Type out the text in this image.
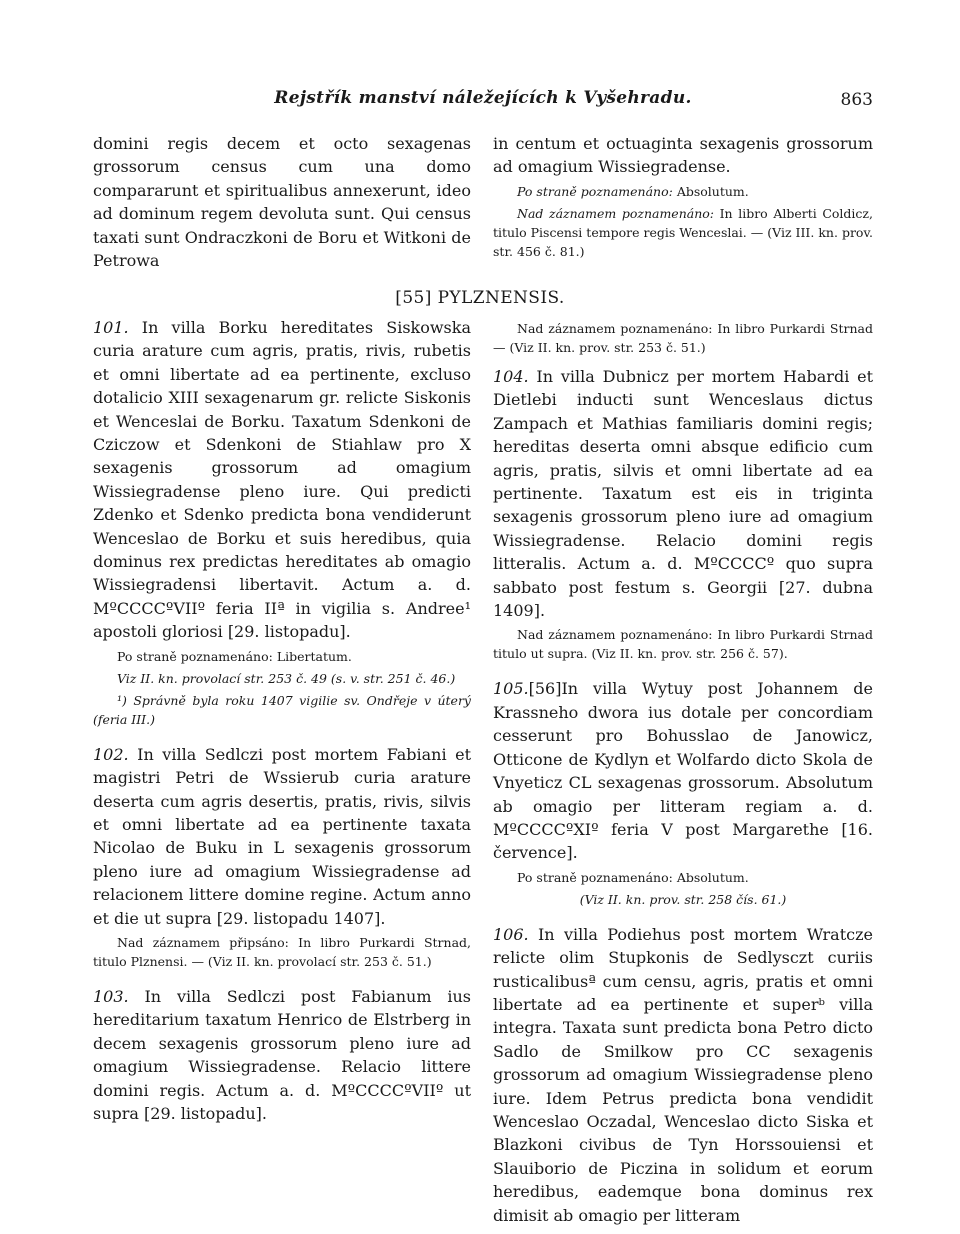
Rejstřík manství náležejících k Vyšehradu.	863

domini regis decem et octo sexagenas grossorum census cum una domo compararunt et spiritualibus annexerunt, ideo ad dominum regem devoluta sunt. Qui census taxati sunt Ondraczkoni de Boru et Witkoni de Petrowa

in centum et octuaginta sexagenis grossorum ad omagium Wissiegradense.

Po straně poznamenáno: Absolutum.

Nad záznamem poznamenáno: In libro Alberti Coldicz, titulo Piscensi tempore regis Wenceslai. — (Viz III. kn. prov. str. 456 č. 81.)

[55] PYLZNENSIS.

101. In villa Borku hereditates Siskowska curia arature cum agris, pratis, rivis, rubetis et omni libertate ad ea pertinente, excluso dotalicio XIII sexagenarum gr. relicte Siskonis et Wenceslai de Borku. Taxatum Sdenkoni de Cziczow et Sdenkoni de Stiahlaw pro X sexagenis grossorum ad omagium Wissiegradense pleno iure. Qui predicti Zdenko et Sdenko predicta bona vendiderunt Wenceslao de Borku et suis heredibus, quia dominus rex predictas hereditates ab omagio Wissiegradensi libertavit. Actum a. d. MºCCCCºVIIº feria IIª in vigilia s. Andree¹ apostoli gloriosi [29. listopadu].

Po straně poznamenáno: Libertatum.

Viz II. kn. provolací str. 253 č. 49 (s. v. str. 251 č. 46.)

¹) Správně byla roku 1407 vigilie sv. Ondřeje v úterý (feria III.)

102. In villa Sedlczi post mortem Fabiani et magistri Petri de Wssierub curia arature deserta cum agris desertis, pratis, rivis, silvis et omni libertate ad ea pertinente taxata Nicolao de Buku in L sexagenis grossorum pleno iure ad omagium Wissiegradense ad relacionem littere domine regine. Actum anno et die ut supra [29. listopadu 1407].

Nad záznamem připsáno: In libro Purkardi Strnad, titulo Plznensi. — (Viz II. kn. provolací str. 253 č. 51.)

103. In villa Sedlczi post Fabianum ius hereditarium taxatum Henrico de Elstrberg in decem sexagenis grossorum pleno iure ad omagium Wissiegradense. Relacio littere domini regis. Actum a. d. MºCCCCºVIIº ut supra [29. listopadu].

Nad záznamem poznamenáno: In libro Purkardi Strnad — (Viz II. kn. prov. str. 253 č. 51.)

104. In villa Dubnicz per mortem Habardi et Dietlebi inducti sunt Wenceslaus dictus Zampach et Mathias familiaris domini regis; hereditas deserta omni absque edificio cum agris, pratis, silvis et omni libertate ad ea pertinente. Taxatum est eis in triginta sexagenis grossorum pleno iure ad omagium Wissiegradense. Relacio domini regis litteralis. Actum a. d. MºCCCCº quo supra sabbato post festum s. Georgii [27. dubna 1409].

Nad záznamem poznamenáno: In libro Purkardi Strnad titulo ut supra. (Viz II. kn. prov. str. 256 č. 57).

105.[56]In villa Wytuy post Johannem de Krassneho dwora ius dotale per concordiam cesserunt pro Bohusslao de Janowicz, Otticone de Kydlyn et Wolfardo dicto Skola de Vnyeticz CL sexagenas grossorum. Absolutum ab omagio per litteram regiam a. d. MºCCCCºXIº feria V post Margarethe [16. července].

Po straně poznamenáno: Absolutum.

(Viz II. kn. prov. str. 258 čís. 61.)

106. In villa Podiehus post mortem Wratcze relicte olim Stupkonis de Sedlysczt curiis rusticalibusª cum censu, agris, pratis et omni libertate ad ea pertinente et superᵇ villa integra. Taxata sunt predicta bona Petro dicto Sadlo de Smilkow pro CC sexagenis grossorum ad omagium Wissiegradense pleno iure. Idem Petrus predicta bona vendidit Wenceslao Oczadal, Wenceslao dicto Siska et Blazkoni civibus de Tyn Horssouiensi et Slauiborio de Piczina in solidum et eorum heredibus, eademque bona dominus rex dimisit ab omagio per litteram
